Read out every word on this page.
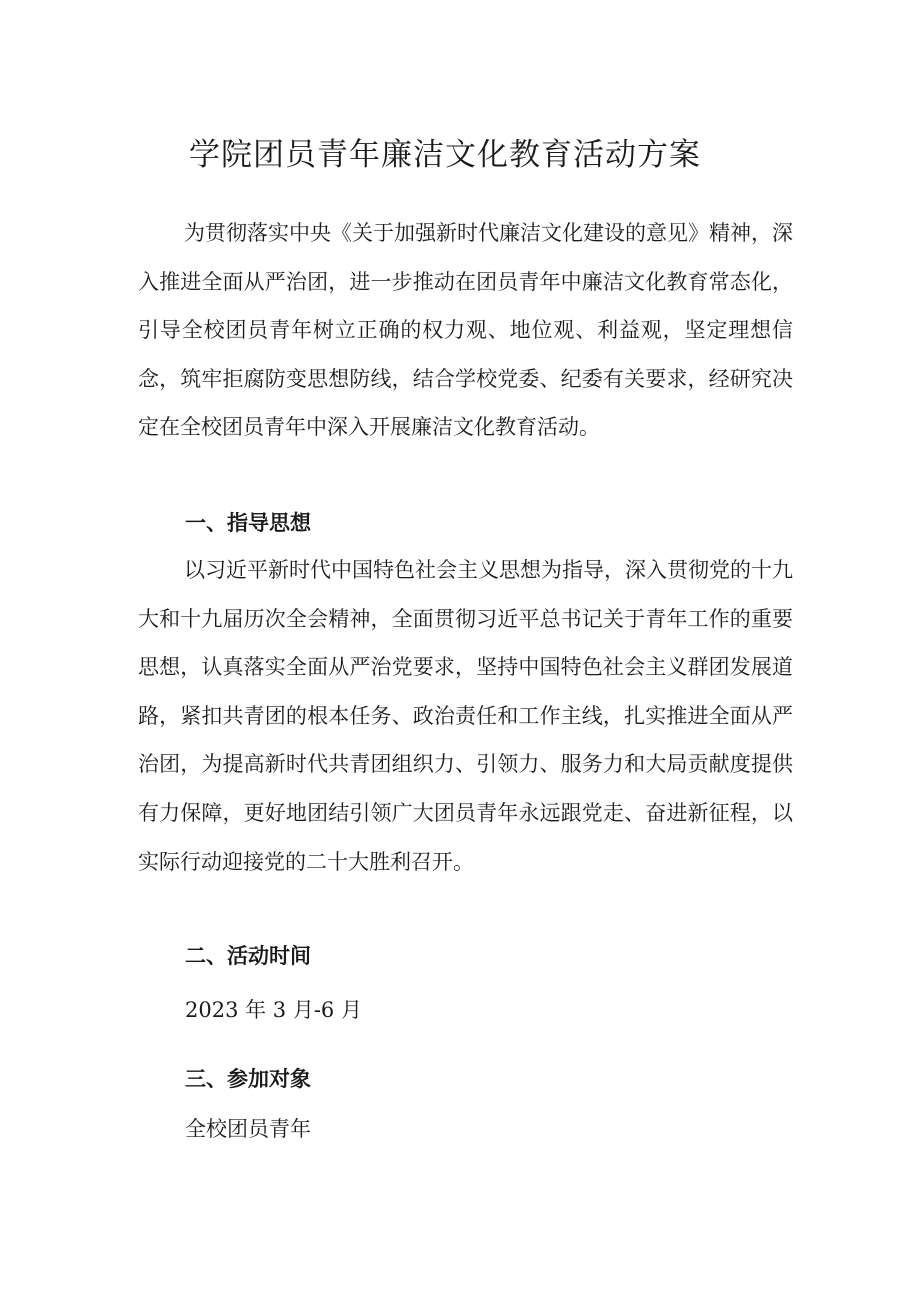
学院团员青年廉洁文化教育活动方案

为贯彻落实中央《关于加强新时代廉洁文化建设的意见》精神，深入推进全面从严治团，进一步推动在团员青年中廉洁文化教育常态化，引导全校团员青年树立正确的权力观、地位观、利益观，坚定理想信念，筑牢拒腐防变思想防线，结合学校党委、纪委有关要求，经研究决定在全校团员青年中深入开展廉洁文化教育活动。

一、指导思想

以习近平新时代中国特色社会主义思想为指导，深入贯彻党的十九大和十九届历次全会精神，全面贯彻习近平总书记关于青年工作的重要思想，认真落实全面从严治党要求，坚持中国特色社会主义群团发展道路，紧扣共青团的根本任务、政治责任和工作主线，扎实推进全面从严治团，为提高新时代共青团组织力、引领力、服务力和大局贡献度提供有力保障，更好地团结引领广大团员青年永远跟党走、奋进新征程，以实际行动迎接党的二十大胜利召开。

二、活动时间

2023 年 3 月-6 月

三、参加对象

全校团员青年
